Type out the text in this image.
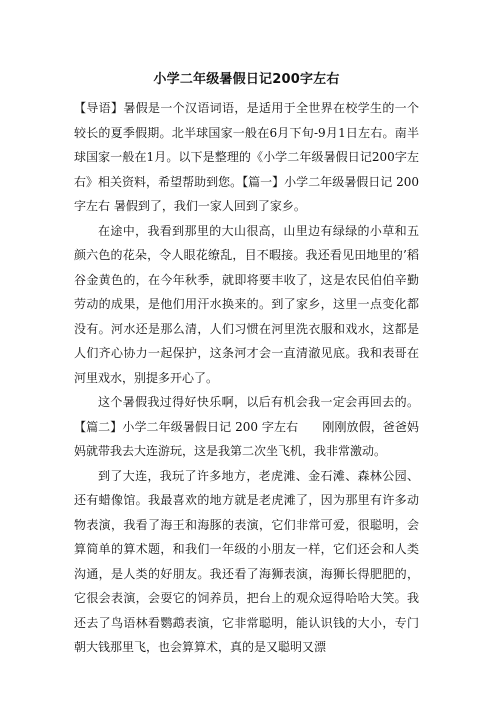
小学二年级暑假日记200字左右

【导语】暑假是一个汉语词语，是适用于全世界在校学生的一个较长的夏季假期。北半球国家一般在6月下旬-9月1日左右。南半球国家一般在1月。以下是整理的《小学二年级暑假日记200字左右》相关资料，希望帮助到您。【篇一】小学二年级暑假日记 200 字左右 暑假到了，我们一家人回到了家乡。

在途中，我看到那里的大山很高，山里边有绿绿的小草和五颜六色的花朵，令人眼花缭乱，目不暇接。我还看见田地里的’稻谷金黄色的，在今年秋季，就即将要丰收了，这是农民伯伯辛勤劳动的成果，是他们用汗水换来的。到了家乡，这里一点变化都没有。河水还是那么清，人们习惯在河里洗衣服和戏水，这都是人们齐心协力一起保护，这条河才会一直清澈见底。我和表哥在河里戏水，别提多开心了。

这个暑假我过得好快乐啊，以后有机会我一定会再回去的。【篇二】小学二年级暑假日记 200 字左右　　刚刚放假，爸爸妈妈就带我去大连游玩，这是我第二次坐飞机，我非常激动。

到了大连，我玩了许多地方，老虎滩、金石滩、森林公园、还有蜡像馆。我最喜欢的地方就是老虎滩了，因为那里有许多动物表演，我看了海王和海豚的表演，它们非常可爱，很聪明，会算简单的算术题，和我们一年级的小朋友一样，它们还会和人类沟通，是人类的好朋友。我还看了海狮表演，海狮长得肥肥的，它很会表演，会耍它的饲养员，把台上的观众逗得哈哈大笑。我还去了鸟语林看鹦鹉表演，它非常聪明，能认识钱的大小，专门朝大钱那里飞，也会算算术，真的是又聪明又漂
